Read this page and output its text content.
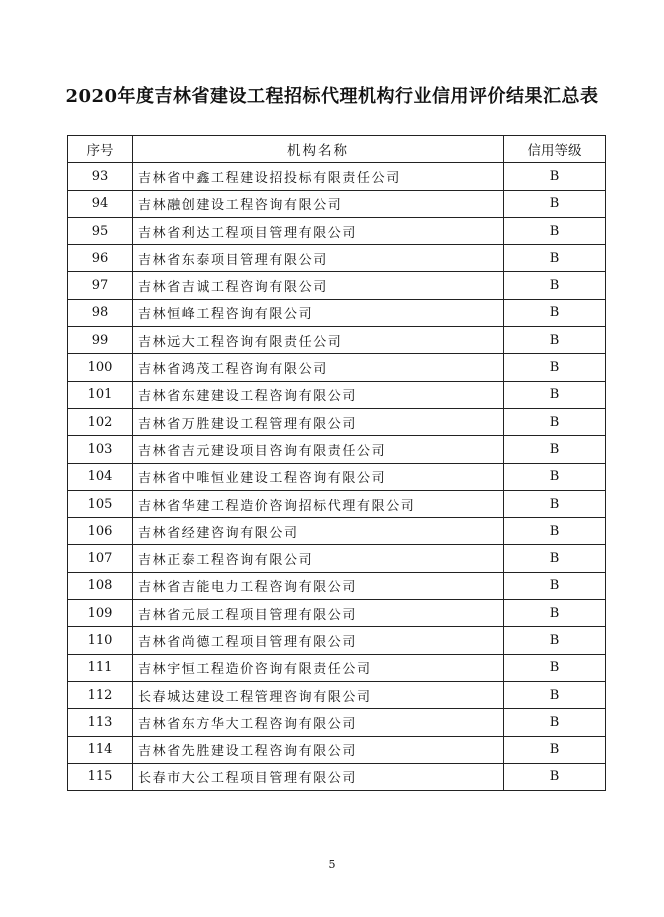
2020年度吉林省建设工程招标代理机构行业信用评价结果汇总表
序号	机构名称	信用等级
93	吉林省中鑫工程建设招投标有限责任公司	B
94	吉林融创建设工程咨询有限公司	B
95	吉林省利达工程项目管理有限公司	B
96	吉林省东泰项目管理有限公司	B
97	吉林省吉诚工程咨询有限公司	B
98	吉林恒峰工程咨询有限公司	B
99	吉林远大工程咨询有限责任公司	B
100	吉林省鸿茂工程咨询有限公司	B
101	吉林省东建建设工程咨询有限公司	B
102	吉林省万胜建设工程管理有限公司	B
103	吉林省吉元建设项目咨询有限责任公司	B
104	吉林省中唯恒业建设工程咨询有限公司	B
105	吉林省华建工程造价咨询招标代理有限公司	B
106	吉林省经建咨询有限公司	B
107	吉林正泰工程咨询有限公司	B
108	吉林省吉能电力工程咨询有限公司	B
109	吉林省元辰工程项目管理有限公司	B
110	吉林省尚德工程项目管理有限公司	B
111	吉林宇恒工程造价咨询有限责任公司	B
112	长春城达建设工程管理咨询有限公司	B
113	吉林省东方华大工程咨询有限公司	B
114	吉林省先胜建设工程咨询有限公司	B
115	长春市大公工程项目管理有限公司	B
5
